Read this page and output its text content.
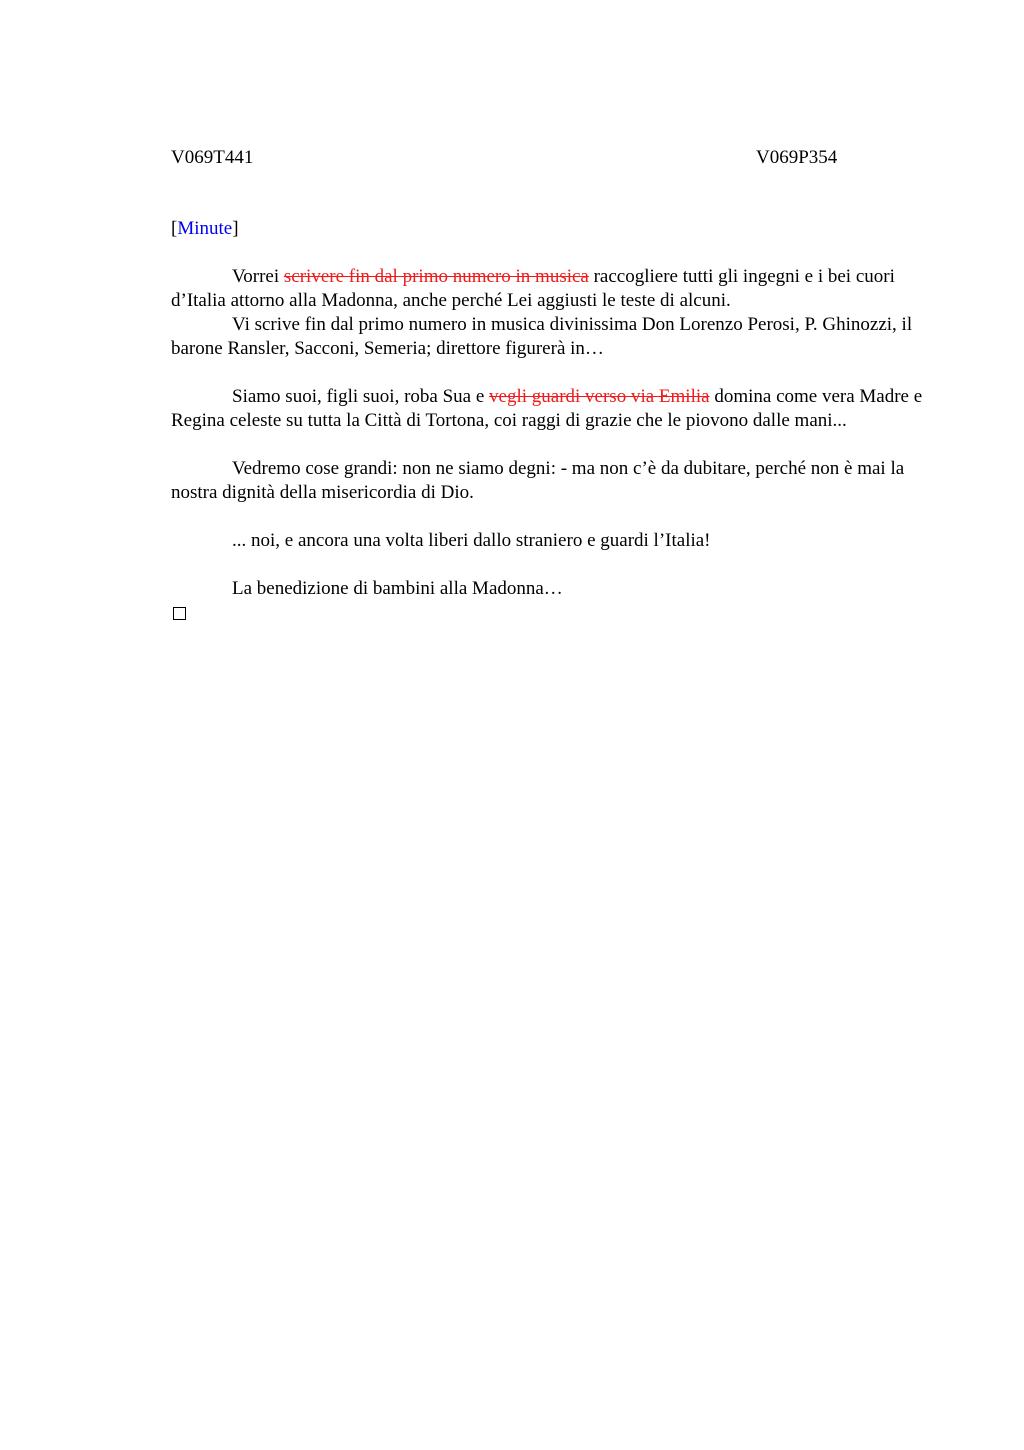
V069T441	V069P354

[Minute]

Vorrei scrivere fin dal primo numero in musica raccogliere tutti gli ingegni e i bei cuori d’Italia attorno alla Madonna, anche perché Lei aggiusti le teste di alcuni.

Vi scrive fin dal primo numero in musica divinissima Don Lorenzo Perosi, P. Ghinozzi, il barone Ransler, Sacconi, Semeria; direttore figurerà in…

Siamo suoi, figli suoi, roba Sua e vegli guardi verso via Emilia domina come vera Madre e Regina celeste su tutta la Città di Tortona, coi raggi di grazie che le piovono dalle mani...

Vedremo cose grandi: non ne siamo degni: - ma non c’è da dubitare, perché non è mai la nostra dignità della misericordia di Dio.

... noi, e ancora una volta liberi dallo straniero e guardi l’Italia!

La benedizione di bambini alla Madonna…
